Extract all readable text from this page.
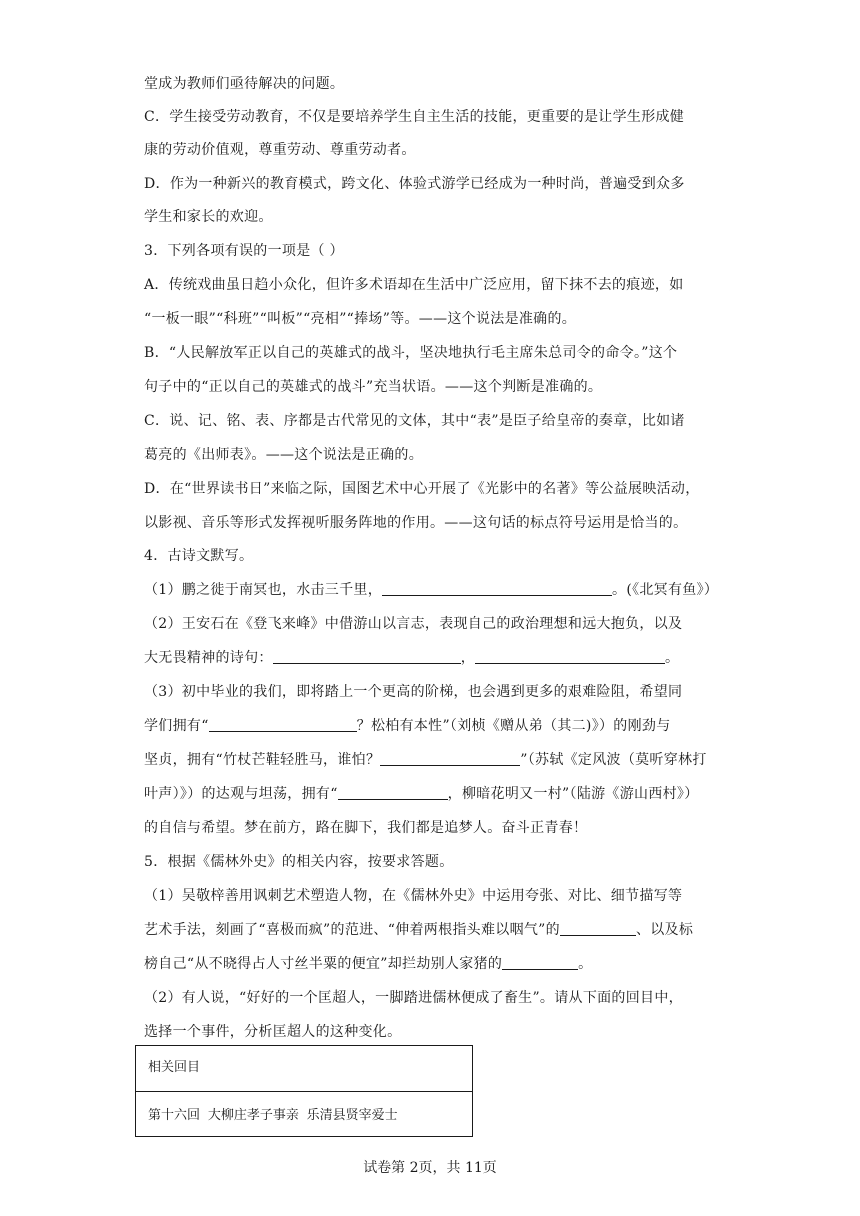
堂成为教师们亟待解决的问题。
C．学生接受劳动教育，不仅是要培养学生自主生活的技能，更重要的是让学生形成健
康的劳动价值观，尊重劳动、尊重劳动者。
D．作为一种新兴的教育模式，跨文化、体验式游学已经成为一种时尚，普遍受到众多
学生和家长的欢迎。
3．下列各项有误的一项是（ ）
A．传统戏曲虽日趋小众化，但许多术语却在生活中广泛应用，留下抹不去的痕迹，如
“一板一眼”“科班”“叫板”“亮相”“捧场”等。——这个说法是准确的。
B．“人民解放军正以自己的英雄式的战斗，坚决地执行毛主席朱总司令的命令。”这个
句子中的“正以自己的英雄式的战斗”充当状语。——这个判断是准确的。
C．说、记、铭、表、序都是古代常见的文体，其中“表”是臣子给皇帝的奏章，比如诸
葛亮的《出师表》。——这个说法是正确的。
D．在“世界读书日”来临之际，国图艺术中心开展了《光影中的名著》等公益展映活动，
以影视、音乐等形式发挥视听服务阵地的作用。——这句话的标点符号运用是恰当的。
4．古诗文默写。
（1）鹏之徙于南冥也，水击三千里，	。(《北冥有鱼》）
（2）王安石在《登飞来峰》中借游山以言志，表现自己的政治理想和远大抱负，以及
大无畏精神的诗句：	，	。
（3）初中毕业的我们，即将踏上一个更高的阶梯，也会遇到更多的艰难险阻，希望同
学们拥有“	？松柏有本性”（刘桢《赠从弟（其二)》）的刚劲与
坚贞，拥有“竹杖芒鞋轻胜马，谁怕？	”（苏轼《定风波（莫听穿林打
叶声）》）的达观与坦荡，拥有“	，柳暗花明又一村”（陆游《游山西村》）
的自信与希望。梦在前方，路在脚下，我们都是追梦人。奋斗正青春！
5．根据《儒林外史》的相关内容，按要求答题。
（1）吴敬梓善用讽刺艺术塑造人物，在《儒林外史》中运用夸张、对比、细节描写等
艺术手法，刻画了“喜极而疯”的范进、“伸着两根指头难以咽气”的	、以及标
榜自己“从不晓得占人寸丝半粟的便宜”却拦劫别人家猪的	。
（2）有人说，“好好的一个匡超人，一脚踏进儒林便成了畜生”。请从下面的回目中，
选择一个事件，分析匡超人的这种变化。
相关回目
第十六回 大柳庄孝子事亲 乐清县贤宰爱士
试卷第 2页，共 11页
